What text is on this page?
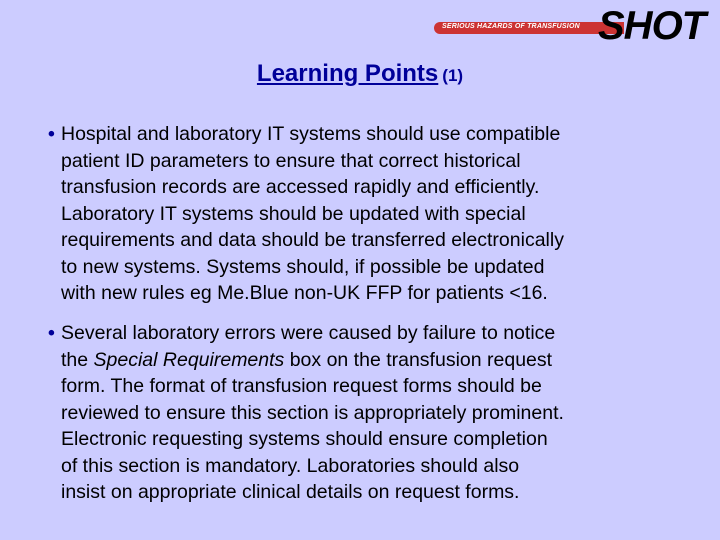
SERIOUS HAZARDS OF TRANSFUSION SHOT
Learning Points (1)
• Hospital and laboratory IT systems should use compatible
patient ID parameters to ensure that correct historical
transfusion records are accessed rapidly and efficiently.
Laboratory IT systems should be updated with special
requirements and data should be transferred electronically
to new systems. Systems should, if possible be updated
with new rules eg Me.Blue non-UK FFP for patients <16.
• Several laboratory errors were caused by failure to notice
the Special Requirements box on the transfusion request
form. The format of transfusion request forms should be
reviewed to ensure this section is appropriately prominent.
Electronic requesting systems should ensure completion
of this section is mandatory. Laboratories should also
insist on appropriate clinical details on request forms.
